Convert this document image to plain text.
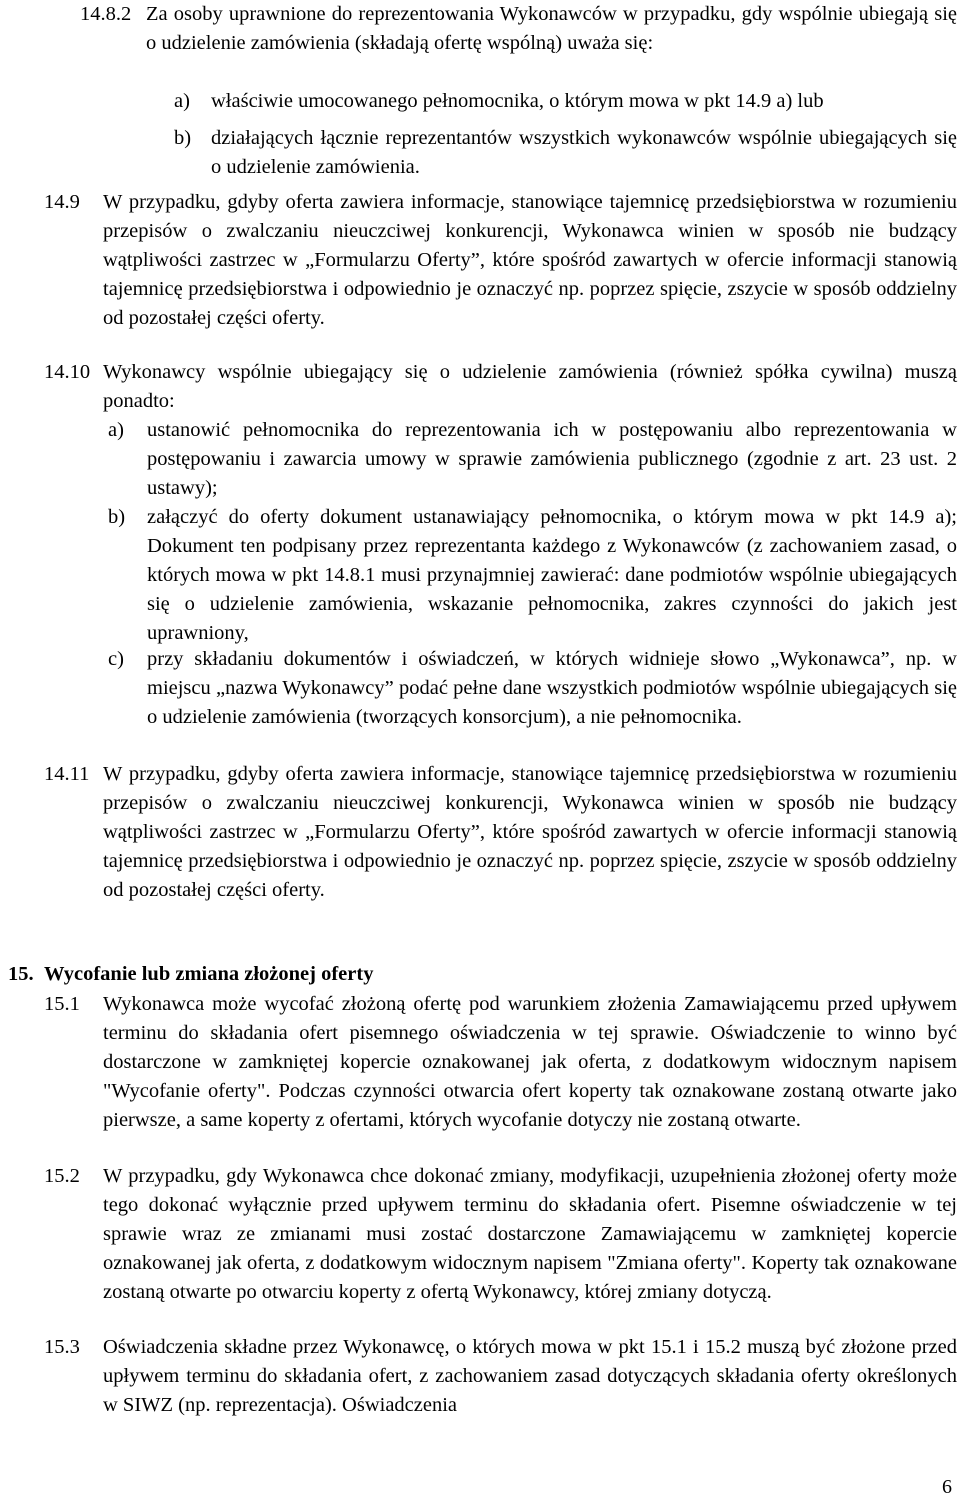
14.8.2 Za osoby uprawnione do reprezentowania Wykonawców w przypadku, gdy wspólnie ubiegają się o udzielenie zamówienia (składają ofertę wspólną) uważa się:
a) właściwie umocowanego pełnomocnika, o którym mowa w pkt 14.9 a) lub
b) działających łącznie reprezentantów wszystkich wykonawców wspólnie ubiegających się o udzielenie zamówienia.
14.9 W przypadku, gdyby oferta zawiera informacje, stanowiące tajemnicę przedsiębiorstwa w rozumieniu przepisów o zwalczaniu nieuczciwej konkurencji, Wykonawca winien w sposób nie budzący wątpliwości zastrzec w „Formularzu Oferty”, które spośród zawartych w ofercie informacji stanowią tajemnicę przedsiębiorstwa i odpowiednio je oznaczyć np. poprzez spięcie, zszycie w sposób oddzielny od pozostałej części oferty.
14.10 Wykonawcy wspólnie ubiegający się o udzielenie zamówienia (również spółka cywilna) muszą ponadto:
a) ustanowić pełnomocnika do reprezentowania ich w postępowaniu albo reprezentowania w postępowaniu i zawarcia umowy w sprawie zamówienia publicznego (zgodnie z art. 23 ust. 2 ustawy);
b) załączyć do oferty dokument ustanawiający pełnomocnika, o którym mowa w pkt 14.9 a); Dokument ten podpisany przez reprezentanta każdego z Wykonawców (z zachowaniem zasad, o których mowa w pkt 14.8.1 musi przynajmniej zawierać: dane podmiotów wspólnie ubiegających się o udzielenie zamówienia, wskazanie pełnomocnika, zakres czynności do jakich jest uprawniony,
c) przy składaniu dokumentów i oświadczeń, w których widnieje słowo „Wykonawca”, np. w miejscu „nazwa Wykonawcy” podać pełne dane wszystkich podmiotów wspólnie ubiegających się o udzielenie zamówienia (tworzących konsorcjum), a nie pełnomocnika.
14.11 W przypadku, gdyby oferta zawiera informacje, stanowiące tajemnicę przedsiębiorstwa w rozumieniu przepisów o zwalczaniu nieuczciwej konkurencji, Wykonawca winien w sposób nie budzący wątpliwości zastrzec w „Formularzu Oferty”, które spośród zawartych w ofercie informacji stanowią tajemnicę przedsiębiorstwa i odpowiednio je oznaczyć np. poprzez spięcie, zszycie w sposób oddzielny od pozostałej części oferty.
15. Wycofanie lub zmiana złożonej oferty
15.1 Wykonawca może wycofać złożoną ofertę pod warunkiem złożenia Zamawiającemu przed upływem terminu do składania ofert pisemnego oświadczenia w tej sprawie. Oświadczenie to winno być dostarczone w zamkniętej kopercie oznakowanej jak oferta, z dodatkowym widocznym napisem "Wycofanie oferty". Podczas czynności otwarcia ofert koperty tak oznakowane zostaną otwarte jako pierwsze, a same koperty z ofertami, których wycofanie dotyczy nie zostaną otwarte.
15.2 W przypadku, gdy Wykonawca chce dokonać zmiany, modyfikacji, uzupełnienia złożonej oferty może tego dokonać wyłącznie przed upływem terminu do składania ofert. Pisemne oświadczenie w tej sprawie wraz ze zmianami musi zostać dostarczone Zamawiającemu w zamkniętej kopercie oznakowanej jak oferta, z dodatkowym widocznym napisem "Zmiana oferty". Koperty tak oznakowane zostaną otwarte po otwarciu koperty z ofertą Wykonawcy, której zmiany dotyczą.
15.3 Oświadczenia składne przez Wykonawcę, o których mowa w pkt 15.1 i 15.2 muszą być złożone przed upływem terminu do składania ofert, z zachowaniem zasad dotyczących składania oferty określonych w SIWZ (np. reprezentacja). Oświadczenia
6
